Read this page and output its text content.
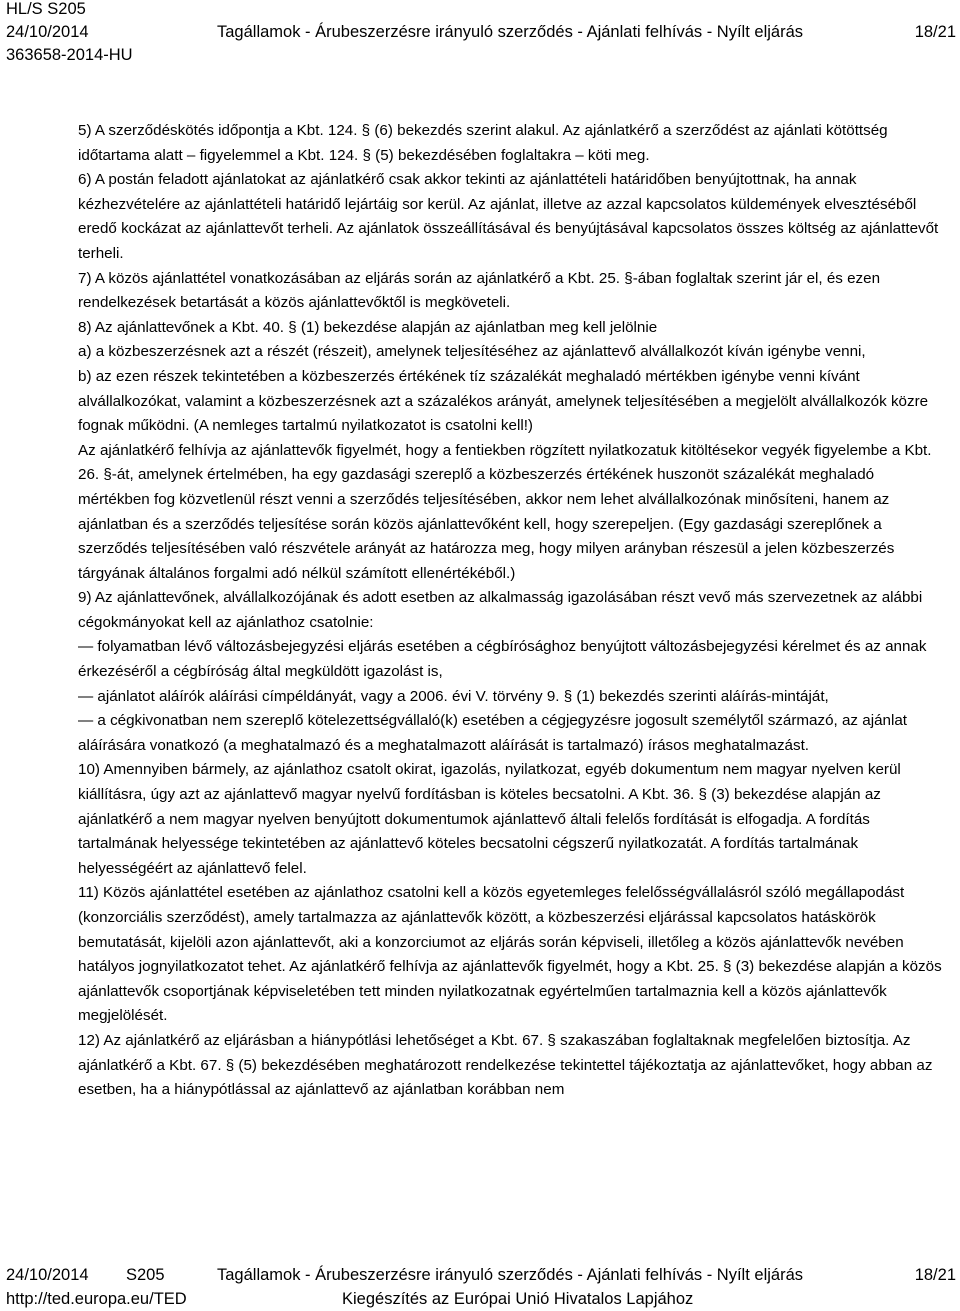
HL/S S205
24/10/2014
363658-2014-HU
Tagállamok - Árubeszerzésre irányuló szerződés - Ajánlati felhívás - Nyílt eljárás	18/21

5) A szerződéskötés időpontja a Kbt. 124. § (6) bekezdés szerint alakul. Az ajánlatkérő a szerződést az ajánlati kötöttség időtartama alatt – figyelemmel a Kbt. 124. § (5) bekezdésében foglaltakra – köti meg.

6) A postán feladott ajánlatokat az ajánlatkérő csak akkor tekinti az ajánlattételi határidőben benyújtottnak, ha annak kézhezvételére az ajánlattételi határidő lejártáig sor kerül. Az ajánlat, illetve az azzal kapcsolatos küldemények elvesztéséből eredő kockázat az ajánlattevőt terheli. Az ajánlatok összeállításával és benyújtásával kapcsolatos összes költség az ajánlattevőt terheli.

7) A közös ajánlattétel vonatkozásában az eljárás során az ajánlatkérő a Kbt. 25. §-ában foglaltak szerint jár el, és ezen rendelkezések betartását a közös ajánlattevőktől is megköveteli.

8) Az ajánlattevőnek a Kbt. 40. § (1) bekezdése alapján az ajánlatban meg kell jelölnie

a) a közbeszerzésnek azt a részét (részeit), amelynek teljesítéséhez az ajánlattevő alvállalkozót kíván igénybe venni,

b) az ezen részek tekintetében a közbeszerzés értékének tíz százalékát meghaladó mértékben igénybe venni kívánt alvállalkozókat, valamint a közbeszerzésnek azt a százalékos arányát, amelynek teljesítésében a megjelölt alvállalkozók közre fognak működni. (A nemleges tartalmú nyilatkozatot is csatolni kell!)

Az ajánlatkérő felhívja az ajánlattevők figyelmét, hogy a fentiekben rögzített nyilatkozatuk kitöltésekor vegyék figyelembe a Kbt. 26. §-át, amelynek értelmében, ha egy gazdasági szereplő a közbeszerzés értékének huszonöt százalékát meghaladó mértékben fog közvetlenül részt venni a szerződés teljesítésében, akkor nem lehet alvállalkozónak minősíteni, hanem az ajánlatban és a szerződés teljesítése során közös ajánlattevőként kell, hogy szerepeljen. (Egy gazdasági szereplőnek a szerződés teljesítésében való részvétele arányát az határozza meg, hogy milyen arányban részesül a jelen közbeszerzés tárgyának általános forgalmi adó nélkül számított ellenértékéből.)

9) Az ajánlattevőnek, alvállalkozójának és adott esetben az alkalmasság igazolásában részt vevő más szervezetnek az alábbi cégokmányokat kell az ajánlathoz csatolnie:

— folyamatban lévő változásbejegyzési eljárás esetében a cégbírósághoz benyújtott változásbejegyzési kérelmet és az annak érkezéséről a cégbíróság által megküldött igazolást is,

— ajánlatot aláírók aláírási címpéldányát, vagy a 2006. évi V. törvény 9. § (1) bekezdés szerinti aláírás-mintáját,

— a cégkivonatban nem szereplő kötelezettségvállaló(k) esetében a cégjegyzésre jogosult személytől származó, az ajánlat aláírására vonatkozó (a meghatalmazó és a meghatalmazott aláírását is tartalmazó) írásos meghatalmazást.

10) Amennyiben bármely, az ajánlathoz csatolt okirat, igazolás, nyilatkozat, egyéb dokumentum nem magyar nyelven kerül kiállításra, úgy azt az ajánlattevő magyar nyelvű fordításban is köteles becsatolni. A Kbt. 36. § (3) bekezdése alapján az ajánlatkérő a nem magyar nyelven benyújtott dokumentumok ajánlattevő általi felelős fordítását is elfogadja. A fordítás tartalmának helyessége tekintetében az ajánlattevő köteles becsatolni cégszerű nyilatkozatát. A fordítás tartalmának helyességéért az ajánlattevő felel.

11) Közös ajánlattétel esetében az ajánlathoz csatolni kell a közös egyetemleges felelősségvállalásról szóló megállapodást (konzorciális szerződést), amely tartalmazza az ajánlattevők között, a közbeszerzési eljárással kapcsolatos hatáskörök bemutatását, kijelöli azon ajánlattevőt, aki a konzorciumot az eljárás során képviseli, illetőleg a közös ajánlattevők nevében hatályos jognyilatkozatot tehet. Az ajánlatkérő felhívja az ajánlattevők figyelmét, hogy a Kbt. 25. § (3) bekezdése alapján a közös ajánlattevők csoportjának képviseletében tett minden nyilatkozatnak egyértelműen tartalmaznia kell a közös ajánlattevők megjelölését.

12) Az ajánlatkérő az eljárásban a hiánypótlási lehetőséget a Kbt. 67. § szakaszában foglaltaknak megfelelően biztosítja. Az ajánlatkérő a Kbt. 67. § (5) bekezdésében meghatározott rendelkezése tekintettel tájékoztatja az ajánlattevőket, hogy abban az esetben, ha a hiánypótlással az ajánlattevő az ajánlatban korábban nem

24/10/2014 S205	Tagállamok - Árubeszerzésre irányuló szerződés - Ajánlati felhívás - Nyílt eljárás	18/21
http://ted.europa.eu/TED	Kiegészítés az Európai Unió Hivatalos Lapjához
